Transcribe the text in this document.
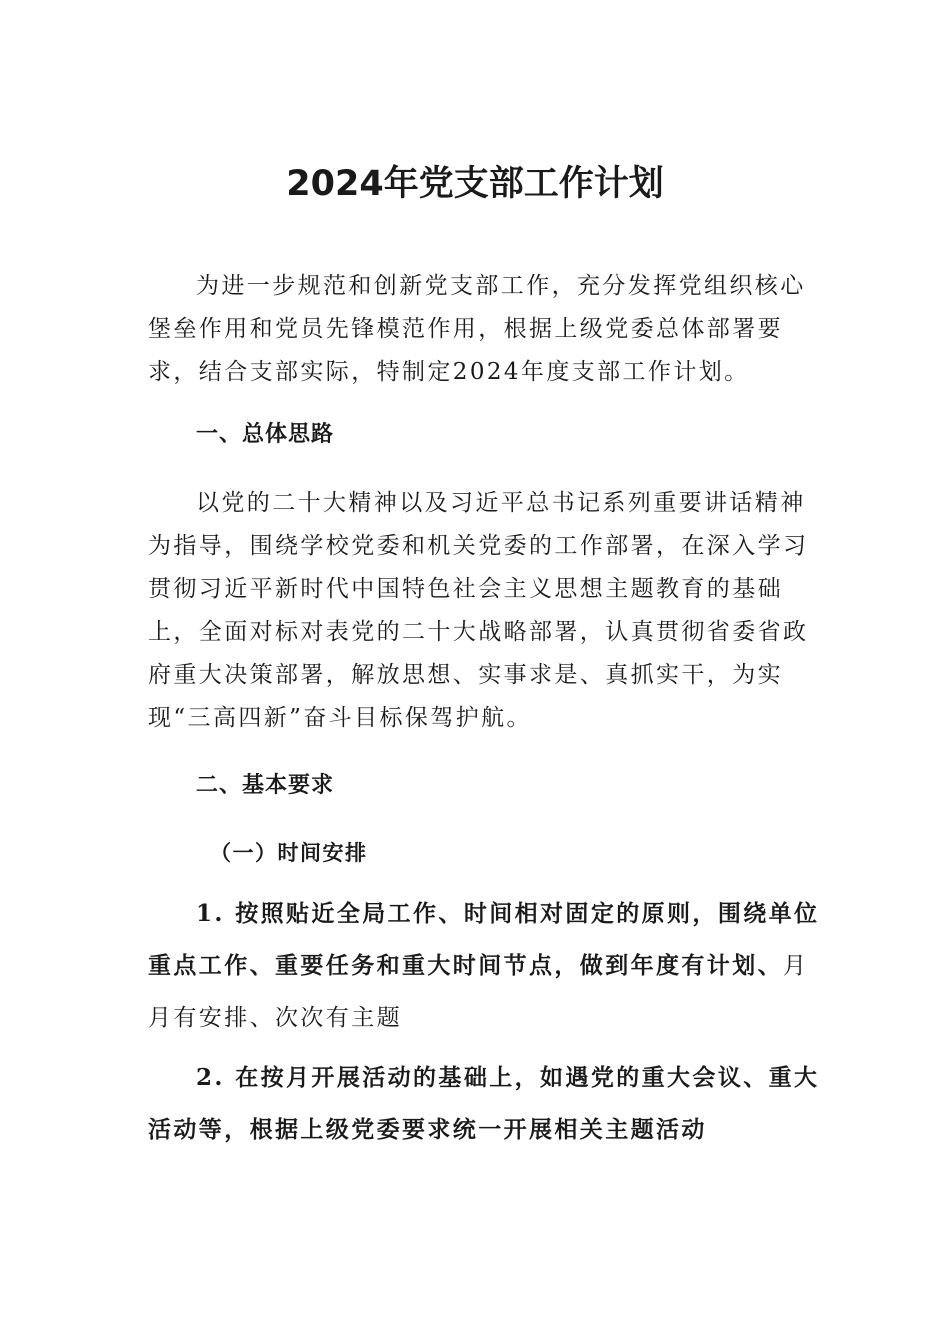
2024年党支部工作计划
为进一步规范和创新党支部工作，充分发挥党组织核心堡垒作用和党员先锋模范作用，根据上级党委总体部署要求，结合支部实际，特制定2024年度支部工作计划。
一、总体思路
以党的二十大精神以及习近平总书记系列重要讲话精神为指导，围绕学校党委和机关党委的工作部署，在深入学习贯彻习近平新时代中国特色社会主义思想主题教育的基础上，全面对标对表党的二十大战略部署，认真贯彻省委省政府重大决策部署，解放思想、实事求是、真抓实干，为实现“三高四新”奋斗目标保驾护航。
二、基本要求
（一）时间安排
1. 按照贴近全局工作、时间相对固定的原则，围绕单位重点工作、重要任务和重大时间节点，做到年度有计划、月月有安排、次次有主题
2. 在按月开展活动的基础上，如遇党的重大会议、重大活动等，根据上级党委要求统一开展相关主题活动
